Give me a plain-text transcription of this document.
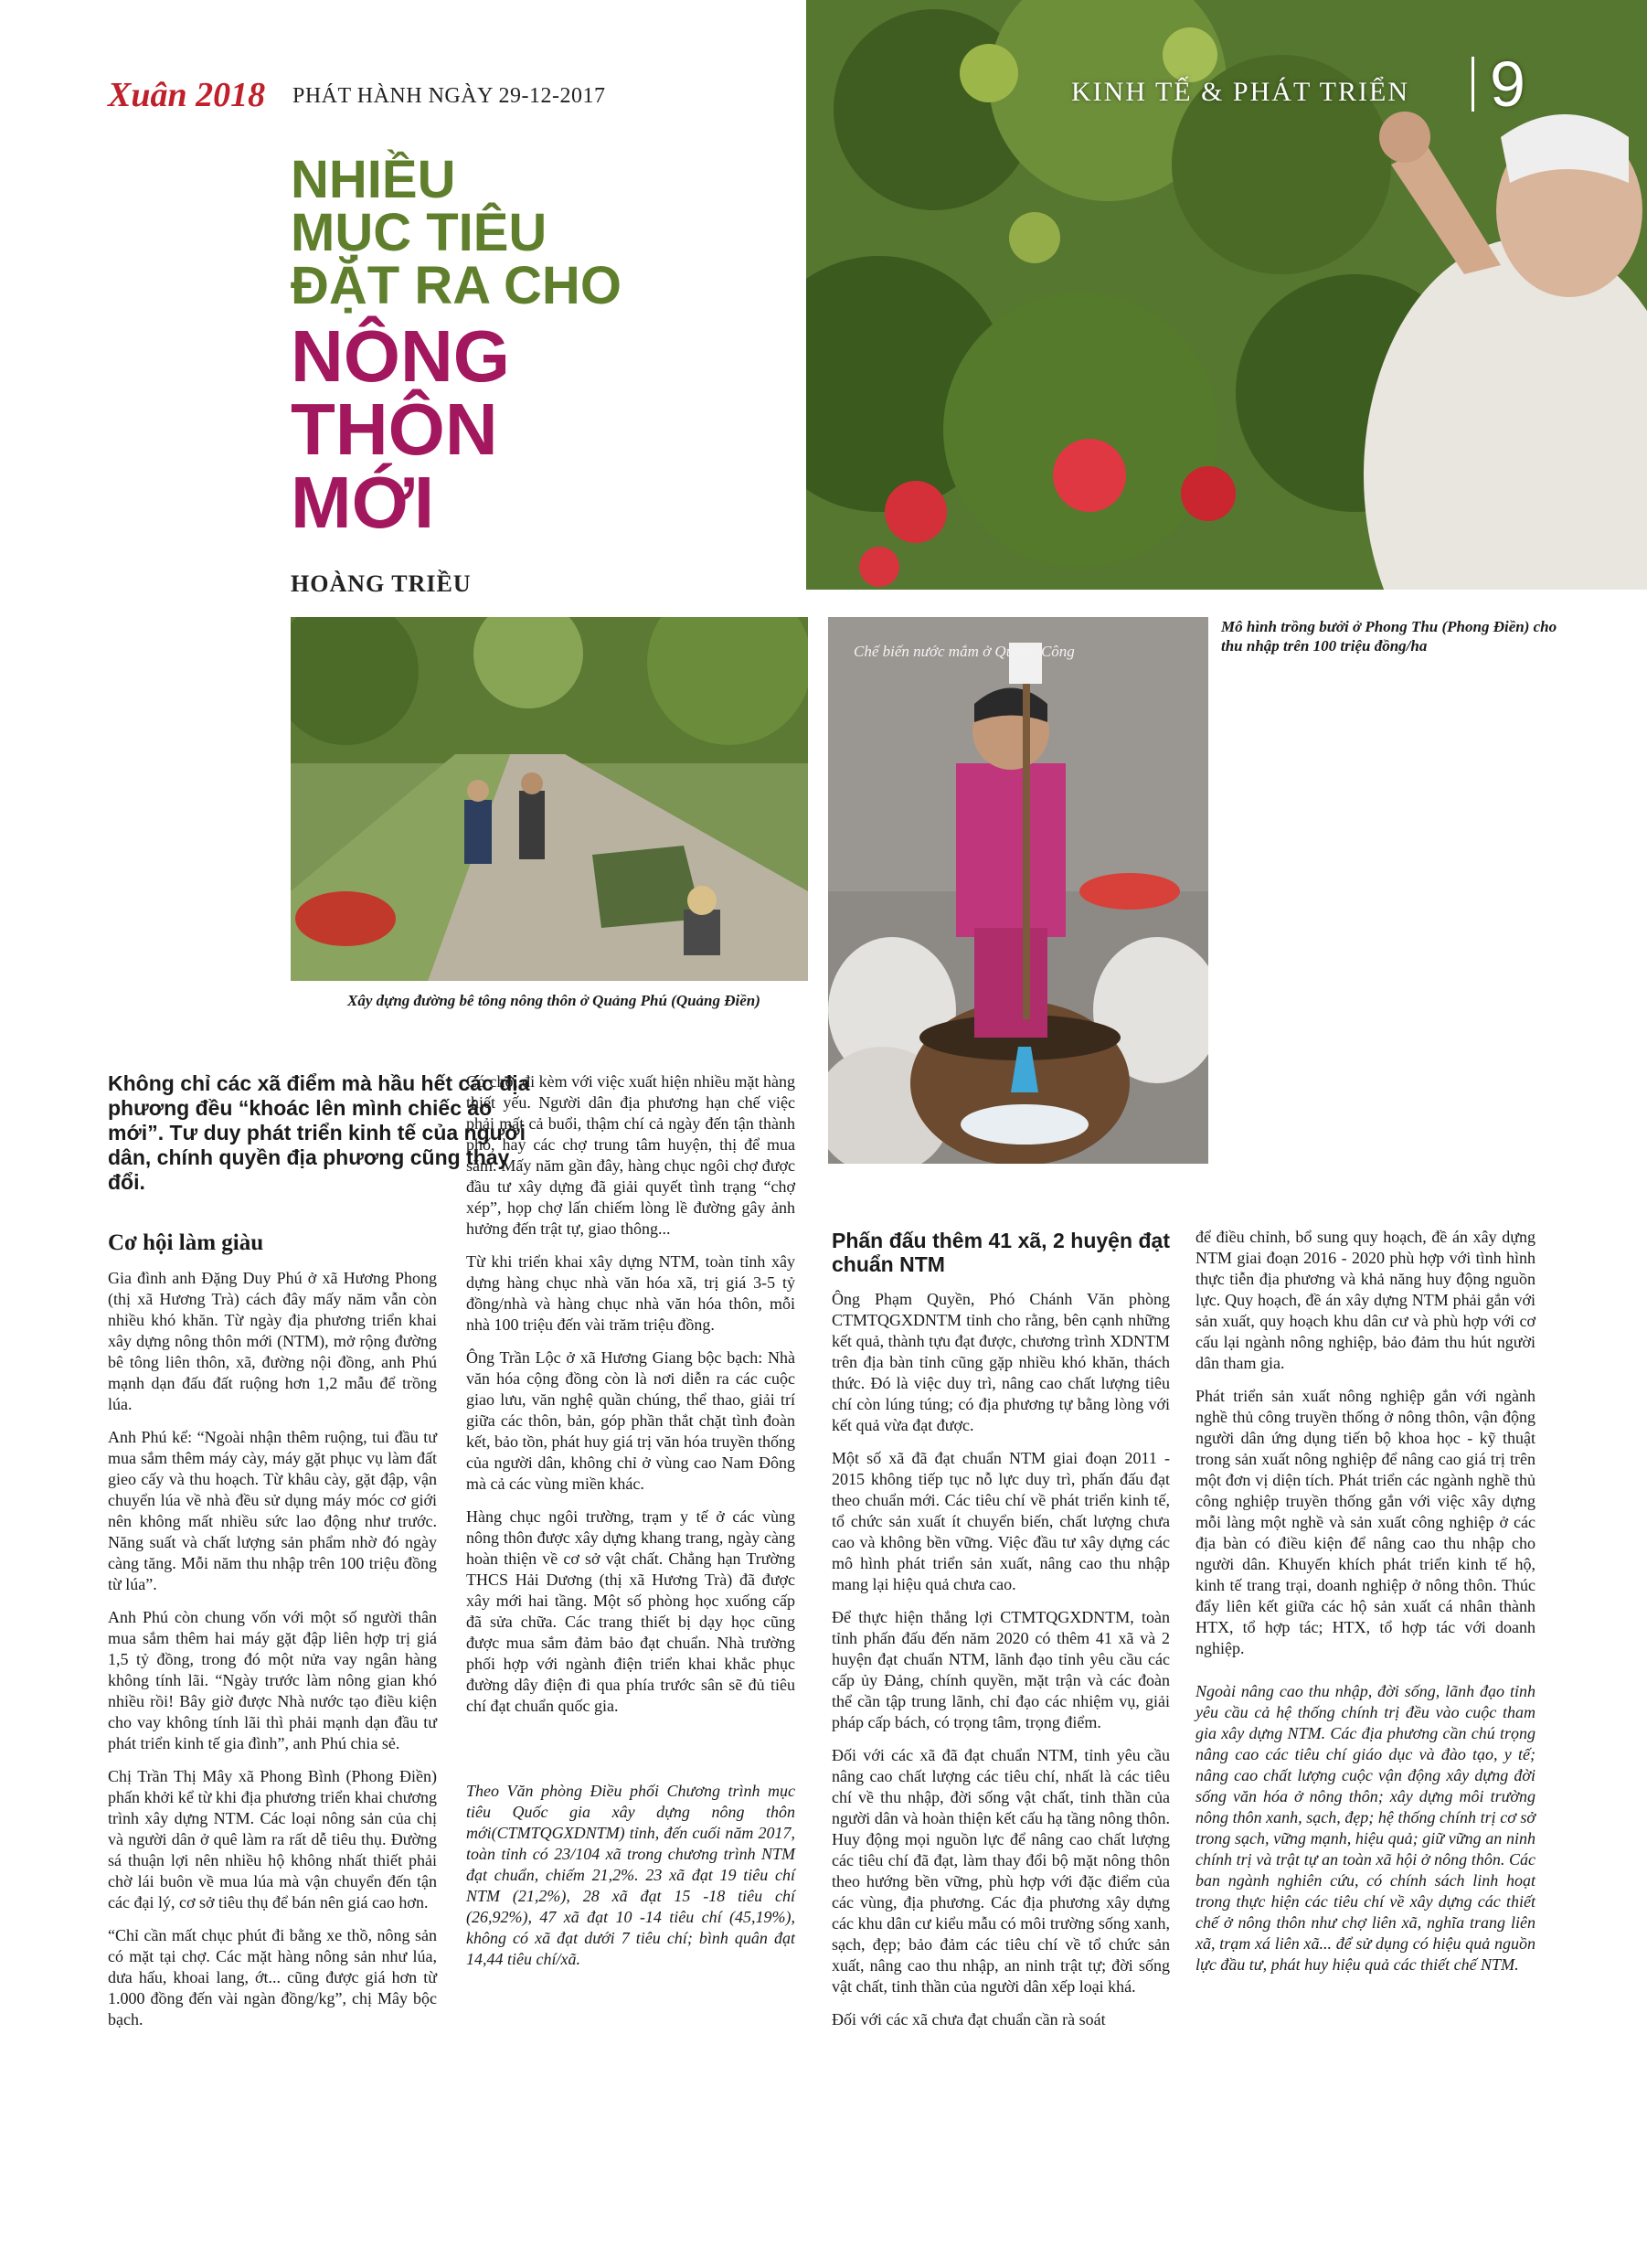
Xuân 2018 PHÁT HÀNH NGÀY 29-12-2017
NHIỀU
MỤC TIÊU
ĐẶT RA CHO
NÔNG
THÔN
MỚI
HOÀNG TRIỀU
KINH TẾ & PHÁT TRIỂN 9
Xây dựng đường bê tông nông thôn ở Quảng Phú (Quảng Điền)
Chế biến nước mắm ở Quảng Công
Mô hình trồng bưởi ở Phong Thu (Phong Điền) cho thu nhập trên 100 triệu đồng/ha
Không chỉ các xã điểm mà hầu hết các địa phương đều “khoác lên mình chiếc áo mới”. Tư duy phát triển kinh tế của người dân, chính quyền địa phương cũng thay đổi.
Cơ hội làm giàu

Gia đình anh Đặng Duy Phú ở xã Hương Phong (thị xã Hương Trà) cách đây mấy năm vẫn còn nhiều khó khăn. Từ ngày địa phương triển khai xây dựng nông thôn mới (NTM), mở rộng đường bê tông liên thôn, xã, đường nội đồng, anh Phú mạnh dạn đấu đất ruộng hơn 1,2 mẫu để trồng lúa.

Anh Phú kể: “Ngoài nhận thêm ruộng, tui đầu tư mua sắm thêm máy cày, máy gặt phục vụ làm đất gieo cấy và thu hoạch. Từ khâu cày, gặt đập, vận chuyển lúa về nhà đều sử dụng máy móc cơ giới nên không mất nhiều sức lao động như trước. Năng suất và chất lượng sản phẩm nhờ đó ngày càng tăng. Mỗi năm thu nhập trên 100 triệu đồng từ lúa”.

Anh Phú còn chung vốn với một số người thân mua sắm thêm hai máy gặt đập liên hợp trị giá 1,5 tỷ đồng, trong đó một nửa vay ngân hàng không tính lãi. “Ngày trước làm nông gian khó nhiều rồi! Bây giờ được Nhà nước tạo điều kiện cho vay không tính lãi thì phải mạnh dạn đầu tư phát triển kinh tế gia đình”, anh Phú chia sẻ.

Chị Trần Thị Mây xã Phong Bình (Phong Điền) phấn khởi kể từ khi địa phương triển khai chương trình xây dựng NTM. Các loại nông sản của chị và người dân ở quê làm ra rất dễ tiêu thụ. Đường sá thuận lợi nên nhiều hộ không nhất thiết phải chờ lái buôn về mua lúa mà vận chuyển đến tận các đại lý, cơ sở tiêu thụ để bán nên giá cao hơn.

“Chỉ cần mất chục phút đi bằng xe thồ, nông sản có mặt tại chợ. Các mặt hàng nông sản như lúa, dưa hấu, khoai lang, ớt... cũng được giá hơn từ 1.000 đồng đến vài ngàn đồng/kg”, chị Mây bộc bạch.

Có chợ, đi kèm với việc xuất hiện nhiều mặt hàng thiết yếu. Người dân địa phương hạn chế việc phải mất cả buổi, thậm chí cả ngày đến tận thành phố, hay các chợ trung tâm huyện, thị để mua sắm. Mấy năm gần đây, hàng chục ngôi chợ được đầu tư xây dựng đã giải quyết tình trạng “chợ xép”, họp chợ lấn chiếm lòng lề đường gây ảnh hưởng đến trật tự, giao thông...

Từ khi triển khai xây dựng NTM, toàn tỉnh xây dựng hàng chục nhà văn hóa xã, trị giá 3-5 tỷ đồng/nhà và hàng chục nhà văn hóa thôn, mỗi nhà 100 triệu đến vài trăm triệu đồng.

Ông Trần Lộc ở xã Hương Giang bộc bạch: Nhà văn hóa cộng đồng còn là nơi diễn ra các cuộc giao lưu, văn nghệ quần chúng, thể thao, giải trí giữa các thôn, bản, góp phần thắt chặt tình đoàn kết, bảo tồn, phát huy giá trị văn hóa truyền thống của người dân, không chỉ ở vùng cao Nam Đông mà cả các vùng miền khác.

Hàng chục ngôi trường, trạm y tế ở các vùng nông thôn được xây dựng khang trang, ngày càng hoàn thiện về cơ sở vật chất. Chẳng hạn Trường THCS Hải Dương (thị xã Hương Trà) đã được xây mới hai tầng. Một số phòng học xuống cấp đã sửa chữa. Các trang thiết bị dạy học cũng được mua sắm đảm bảo đạt chuẩn. Nhà trường phối hợp với ngành điện triển khai khắc phục đường dây điện đi qua phía trước sân sẽ đủ tiêu chí đạt chuẩn quốc gia.

Theo Văn phòng Điều phối Chương trình mục tiêu Quốc gia xây dựng nông thôn mới(CTMTQGXDNTM) tỉnh, đến cuối năm 2017, toàn tỉnh có 23/104 xã trong chương trình NTM đạt chuẩn, chiếm 21,2%. 23 xã đạt 19 tiêu chí NTM (21,2%), 28 xã đạt 15 -18 tiêu chí (26,92%), 47 xã đạt 10 -14 tiêu chí (45,19%), không có xã đạt dưới 7 tiêu chí; bình quân đạt 14,44 tiêu chí/xã.

Phấn đấu thêm 41 xã, 2 huyện đạt chuẩn NTM

Ông Phạm Quyền, Phó Chánh Văn phòng CTMTQGXDNTM tỉnh cho rằng, bên cạnh những kết quả, thành tựu đạt được, chương trình XDNTM trên địa bàn tỉnh cũng gặp nhiều khó khăn, thách thức. Đó là việc duy trì, nâng cao chất lượng tiêu chí còn lúng túng; có địa phương tự bằng lòng với kết quả vừa đạt được.

Một số xã đã đạt chuẩn NTM giai đoạn 2011 - 2015 không tiếp tục nỗ lực duy trì, phấn đấu đạt theo chuẩn mới. Các tiêu chí về phát triển kinh tế, tổ chức sản xuất ít chuyển biến, chất lượng chưa cao và không bền vững. Việc đầu tư xây dựng các mô hình phát triển sản xuất, nâng cao thu nhập mang lại hiệu quả chưa cao.

Để thực hiện thắng lợi CTMTQGXDNTM, toàn tỉnh phấn đấu đến năm 2020 có thêm 41 xã và 2 huyện đạt chuẩn NTM, lãnh đạo tỉnh yêu cầu các cấp ủy Đảng, chính quyền, mặt trận và các đoàn thể cần tập trung lãnh, chỉ đạo các nhiệm vụ, giải pháp cấp bách, có trọng tâm, trọng điểm.

Đối với các xã đã đạt chuẩn NTM, tỉnh yêu cầu nâng cao chất lượng các tiêu chí, nhất là các tiêu chí về thu nhập, đời sống vật chất, tinh thần của người dân và hoàn thiện kết cấu hạ tầng nông thôn. Huy động mọi nguồn lực để nâng cao chất lượng các tiêu chí đã đạt, làm thay đổi bộ mặt nông thôn theo hướng bền vững, phù hợp với đặc điểm của các vùng, địa phương. Các địa phương xây dựng các khu dân cư kiểu mẫu có môi trường sống xanh, sạch, đẹp; bảo đảm các tiêu chí về tổ chức sản xuất, nâng cao thu nhập, an ninh trật tự; đời sống vật chất, tinh thần của người dân xếp loại khá.

Đối với các xã chưa đạt chuẩn cần rà soát

để điều chỉnh, bổ sung quy hoạch, đề án xây dựng NTM giai đoạn 2016 - 2020 phù hợp với tình hình thực tiễn địa phương và khả năng huy động nguồn lực. Quy hoạch, đề án xây dựng NTM phải gắn với sản xuất, quy hoạch khu dân cư và phù hợp với cơ cấu lại ngành nông nghiệp, bảo đảm thu hút người dân tham gia.

Phát triển sản xuất nông nghiệp gắn với ngành nghề thủ công truyền thống ở nông thôn, vận động người dân ứng dụng tiến bộ khoa học - kỹ thuật trong sản xuất nông nghiệp để nâng cao giá trị trên một đơn vị diện tích. Phát triển các ngành nghề thủ công nghiệp truyền thống gắn với việc xây dựng mỗi làng một nghề và sản xuất công nghiệp ở các địa bàn có điều kiện để nâng cao thu nhập cho người dân. Khuyến khích phát triển kinh tế hộ, kinh tế trang trại, doanh nghiệp ở nông thôn. Thúc đẩy liên kết giữa các hộ sản xuất cá nhân thành HTX, tổ hợp tác; HTX, tổ hợp tác với doanh nghiệp.

Ngoài nâng cao thu nhập, đời sống, lãnh đạo tỉnh yêu cầu cả hệ thống chính trị đều vào cuộc tham gia xây dựng NTM. Các địa phương cần chú trọng nâng cao các tiêu chí giáo dục và đào tạo, y tế; nâng cao chất lượng cuộc vận động xây dựng đời sống văn hóa ở nông thôn; xây dựng môi trường nông thôn xanh, sạch, đẹp; hệ thống chính trị cơ sở trong sạch, vững mạnh, hiệu quả; giữ vững an ninh chính trị và trật tự an toàn xã hội ở nông thôn. Các ban ngành nghiên cứu, có chính sách linh hoạt trong thực hiện các tiêu chí về xây dựng các thiết chế ở nông thôn như chợ liên xã, nghĩa trang liên xã, trạm xá liên xã... để sử dụng có hiệu quả nguồn lực đầu tư, phát huy hiệu quả các thiết chế NTM.
